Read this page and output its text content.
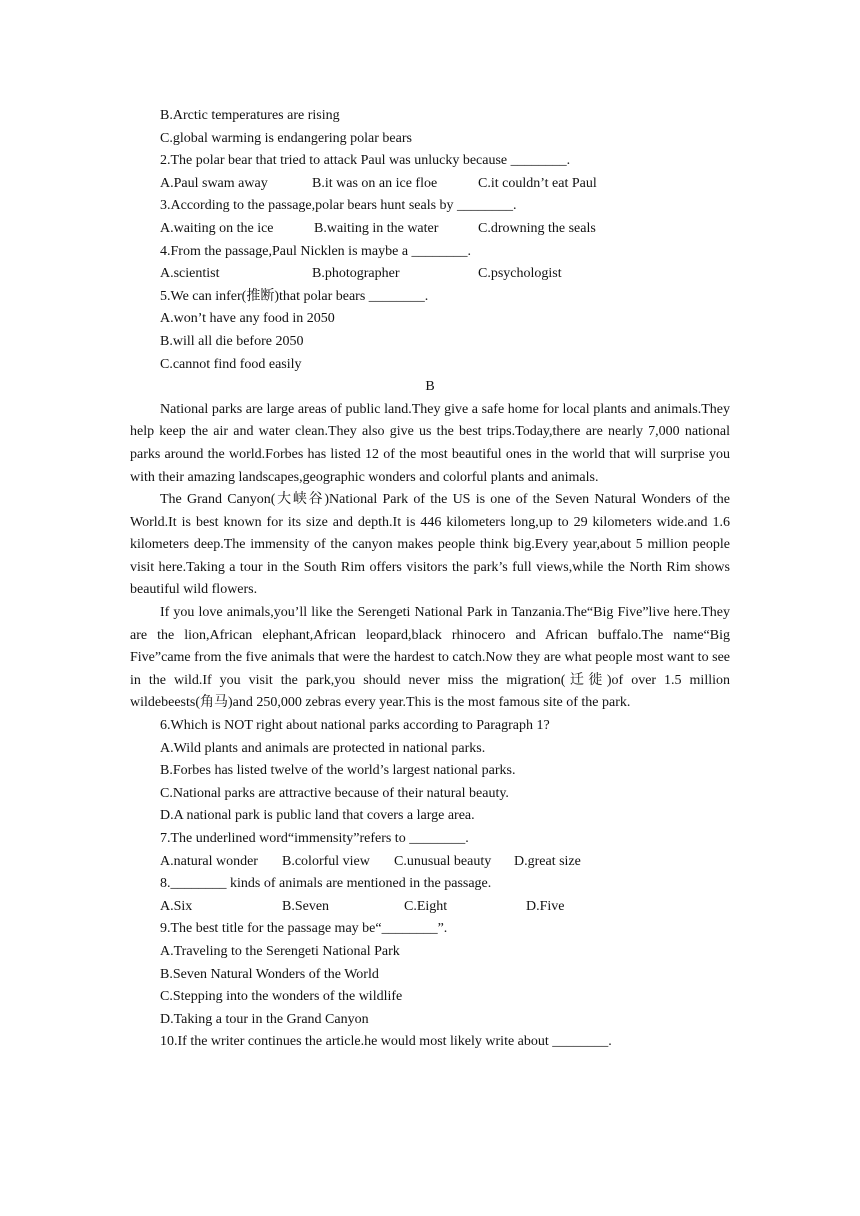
B.Arctic temperatures are rising
C.global warming is endangering polar bears
2.The polar bear that tried to attack Paul was unlucky because ________.
A.Paul swam away	B.it was on an ice floe	C.it couldn’t eat Paul
3.According to the passage,polar bears hunt seals by ________.
A.waiting on the ice	B.waiting in the water	C.drowning the seals
4.From the passage,Paul Nicklen is maybe a ________.
A.scientist	B.photographer	C.psychologist
5.We can infer(推断)that polar bears ________.
A.won’t have any food in 2050
B.will all die before 2050
C.cannot find food easily
B
National parks are large areas of public land.They give a safe home for local plants and animals.They help keep the air and water clean.They also give us the best trips.Today,there are nearly 7,000 national parks around the world.Forbes has listed 12 of the most beautiful ones in the world that will surprise you with their amazing landscapes,geographic wonders and colorful plants and animals.
The Grand Canyon(大峡谷)National Park of the US is one of the Seven Natural Wonders of the World.It is best known for its size and depth.It is 446 kilometers long,up to 29 kilometers wide.and 1.6 kilometers deep.The immensity of the canyon makes people think big.Every year,about 5 million people visit here.Taking a tour in the South Rim offers visitors the park’s full views,while the North Rim shows beautiful wild flowers.
If you love animals,you’ll like the Serengeti National Park in Tanzania.The“Big Five”live here.They are the lion,African elephant,African leopard,black rhinocero and African buffalo.The name“Big Five”came from the five animals that were the hardest to catch.Now they are what people most want to see in the wild.If you visit the park,you should never miss the migration(迁徙)of over 1.5 million wildebeests(角马)and 250,000 zebras every year.This is the most famous site of the park.
6.Which is NOT right about national parks according to Paragraph 1?
A.Wild plants and animals are protected in national parks.
B.Forbes has listed twelve of the world’s largest national parks.
C.National parks are attractive because of their natural beauty.
D.A national park is public land that covers a large area.
7.The underlined word“immensity”refers to ________.
A.natural wonder	B.colorful view	C.unusual beauty	D.great size
8.________ kinds of animals are mentioned in the passage.
A.Six	B.Seven	C.Eight	D.Five
9.The best title for the passage may be“________”.
A.Traveling to the Serengeti National Park
B.Seven Natural Wonders of the World
C.Stepping into the wonders of the wildlife
D.Taking a tour in the Grand Canyon
10.If the writer continues the article.he would most likely write about ________.
